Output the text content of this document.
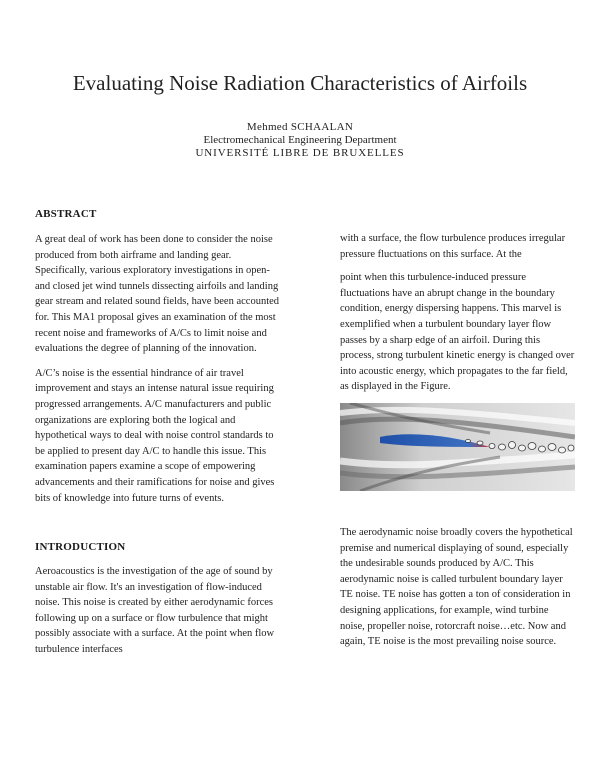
Evaluating Noise Radiation Characteristics of Airfoils
Mehmed SCHAALAN
Electromechanical Engineering Department
UNIVERSITÉ LIBRE DE BRUXELLES
ABSTRACT

A great deal of work has been done to consider the noise produced from both airframe and landing gear. Specifically, various exploratory investigations in open-and closed jet wind tunnels dissecting airfoils and landing gear stream and related sound fields, have been accounted for. This MA1 proposal gives an examination of the most recent noise and frameworks of A/Cs to limit noise and evaluations the degree of planning of the innovation.

A/C’s noise is the essential hindrance of air travel improvement and stays an intense natural issue requiring progressed arrangements. A/C manufacturers and public organizations are exploring both the logical and hypothetical ways to deal with noise control standards to be applied to present day A/C to handle this issue. This examination papers examine a scope of empowering advancements and their ramifications for noise and gives bits of knowledge into future turns of events.

INTRODUCTION

Aeroacoustics is the investigation of the age of sound by unstable air flow. It's an investigation of flow-induced noise. This noise is created by either aerodynamic forces following up on a surface or flow turbulence that might possibly associate with a surface. At the point when flow turbulence interfaces

with a surface, the flow turbulence produces irregular pressure fluctuations on this surface. At the

point when this turbulence-induced pressure fluctuations have an abrupt change in the boundary condition, energy dispersing happens. This marvel is exemplified when a turbulent boundary layer flow passes by a sharp edge of an airfoil. During this process, strong turbulent kinetic energy is changed over into acoustic energy, which propagates to the far field, as displayed in the Figure.

The aerodynamic noise broadly covers the hypothetical premise and numerical displaying of sound, especially the undesirable sounds produced by A/C. This aerodynamic noise is called turbulent boundary layer TE noise. TE noise has gotten a ton of consideration in designing applications, for example, wind turbine noise, propeller noise, rotorcraft noise…etc. Now and again, TE noise is the most prevailing noise source.
